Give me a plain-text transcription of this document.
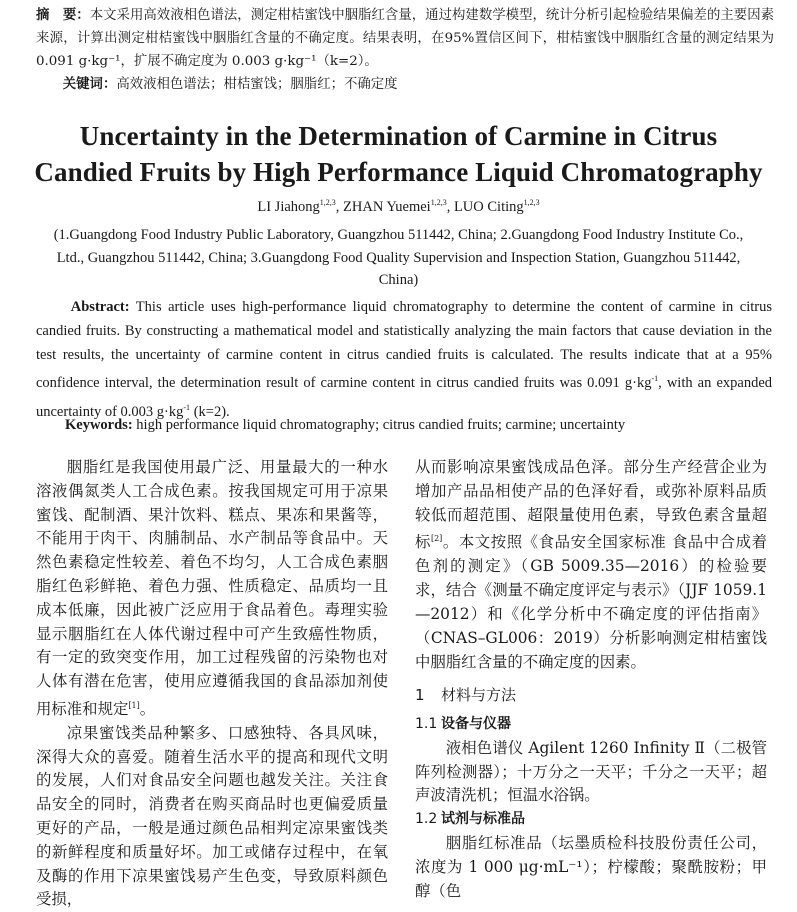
摘　要：本文采用高效液相色谱法，测定柑桔蜜饯中胭脂红含量，通过构建数学模型，统计分析引起检验结果偏差的主要因素来源，计算出测定柑桔蜜饯中胭脂红含量的不确定度。结果表明，在95%置信区间下，柑桔蜜饯中胭脂红含量的测定结果为 0.091 g·kg⁻¹，扩展不确定度为 0.003 g·kg⁻¹（k=2）。
　　关键词：高效液相色谱法；柑桔蜜饯；胭脂红；不确定度
Uncertainty in the Determination of Carmine in Citrus
Candied Fruits by High Performance Liquid Chromatography
LI Jiahong$^{1,2,3}$, ZHAN Yuemei$^{1,2,3}$, LUO Citing$^{1,2,3}$
(1.Guangdong Food Industry Public Laboratory, Guangzhou 511442, China; 2.Guangdong Food Industry Institute Co., Ltd., Guangzhou 511442, China; 3.Guangdong Food Quality Supervision and Inspection Station, Guangzhou 511442, China)
　　Abstract: This article uses high-performance liquid chromatography to determine the content of carmine in citrus candied fruits. By constructing a mathematical model and statistically analyzing the main factors that cause deviation in the test results, the uncertainty of carmine content in citrus candied fruits is calculated. The results indicate that at a 95% confidence interval, the determination result of carmine content in citrus candied fruits was 0.091 $g\cdot kg^{-1}$, with an expanded uncertainty of 0.003 $g\cdot kg^{-1}$ (k=2).
　　Keywords: high performance liquid chromatography; citrus candied fruits; carmine; uncertainty

胭脂红是我国使用最广泛、用量最大的一种水溶液偶氮类人工合成色素。按我国规定可用于凉果蜜饯、配制酒、果汁饮料、糕点、果冻和果酱等，不能用于肉干、肉脯制品、水产制品等食品中。天然色素稳定性较差、着色不均匀，人工合成色素胭脂红色彩鲜艳、着色力强、性质稳定、品质均一且成本低廉，因此被广泛应用于食品着色。毒理实验显示胭脂红在人体代谢过程中可产生致癌性物质，有一定的致突变作用，加工过程残留的污染物也对人体有潜在危害，使用应遵循我国的食品添加剂使用标准和规定[1]。

凉果蜜饯类品种繁多、口感独特、各具风味，深得大众的喜爱。随着生活水平的提高和现代文明的发展，人们对食品安全问题也越发关注。关注食品安全的同时，消费者在购买商品时也更偏爱质量更好的产品，一般是通过颜色品相判定凉果蜜饯类的新鲜程度和质量好坏。加工或储存过程中，在氧及酶的作用下凉果蜜饯易产生色变，导致原料颜色受损，

从而影响凉果蜜饯成品色泽。部分生产经营企业为增加产品品相使产品的色泽好看，或弥补原料品质较低而超范围、超限量使用色素，导致色素含量超标[2]。本文按照《食品安全国家标准 食品中合成着色剂的测定》（GB 5009.35—2016）的检验要求，结合《测量不确定度评定与表示》（JJF 1059.1—2012）和《化学分析中不确定度的评估指南》（CNAS–GL006：2019）分析影响测定柑桔蜜饯中胭脂红含量的不确定度的因素。

1 材料与方法
1.1 设备与仪器

液相色谱仪 Agilent 1260 Infinity Ⅱ（二极管阵列检测器）；十万分之一天平；千分之一天平；超声波清洗机；恒温水浴锅。

1.2 试剂与标准品

胭脂红标准品（坛墨质检科技股份责任公司，浓度为 1 000 μg·mL⁻¹）；柠檬酸；聚酰胺粉；甲醇（色
